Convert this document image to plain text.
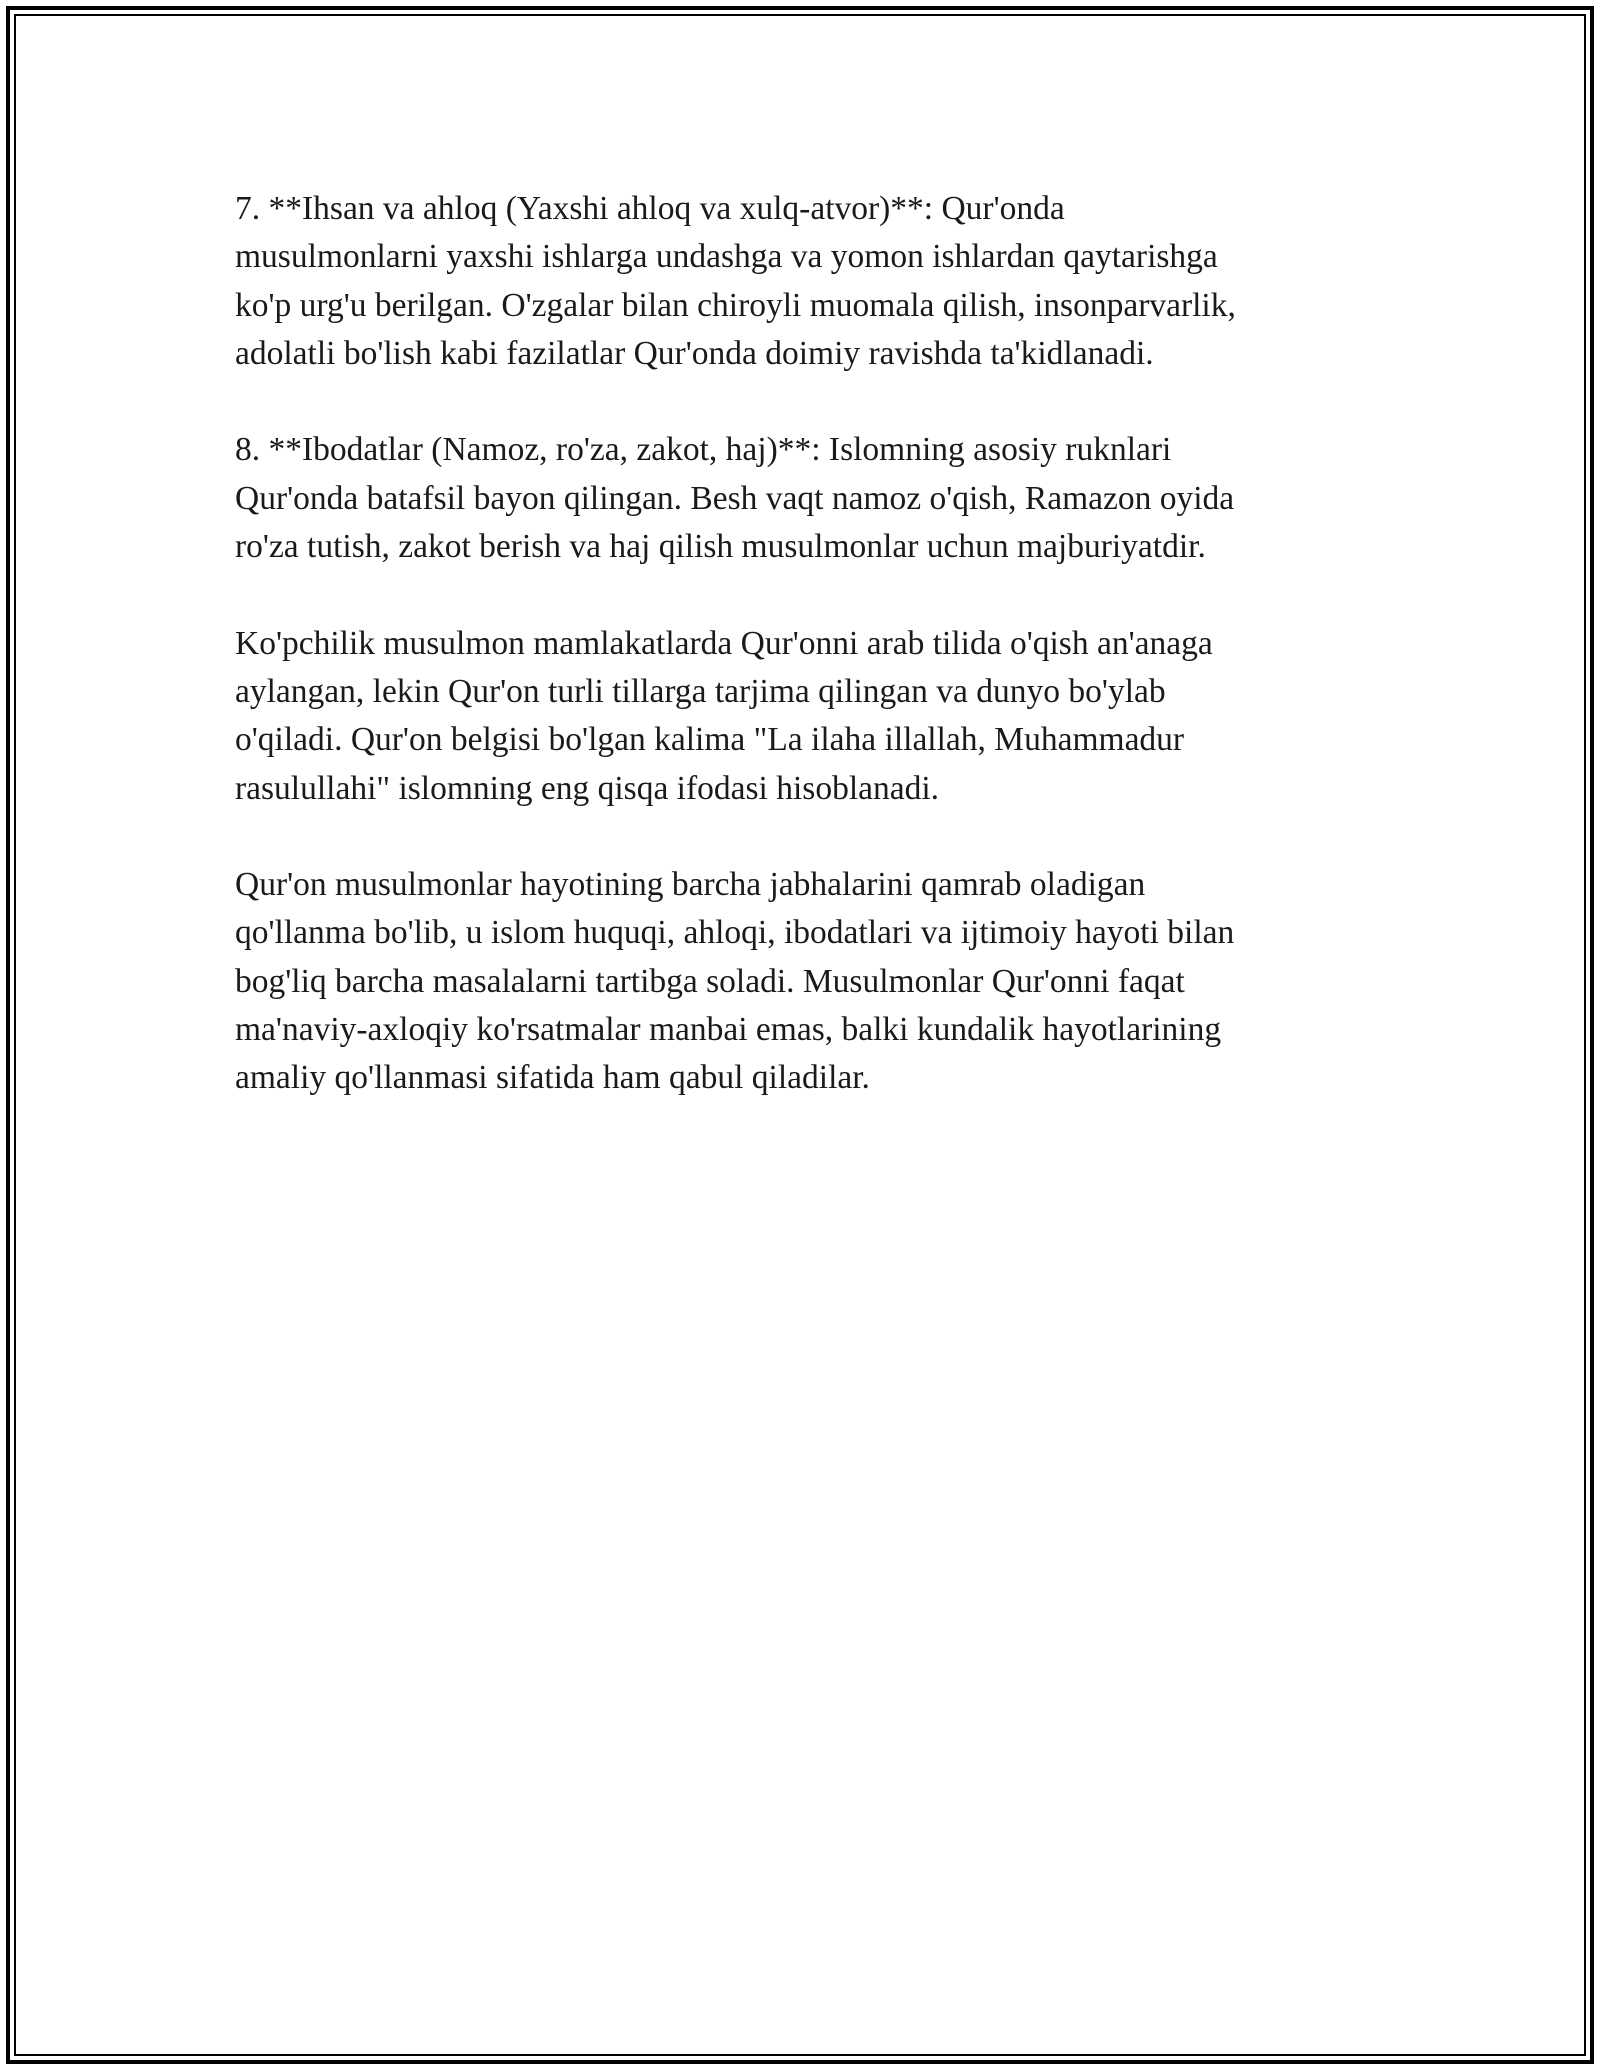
7. **Ihsan va ahloq (Yaxshi ahloq va xulq-atvor)**: Qur'onda
musulmonlarni yaxshi ishlarga undashga va yomon ishlardan qaytarishga
ko'p urg'u berilgan. O'zgalar bilan chiroyli muomala qilish, insonparvarlik,
adolatli bo'lish kabi fazilatlar Qur'onda doimiy ravishda ta'kidlanadi.

8. **Ibodatlar (Namoz, ro'za, zakot, haj)**: Islomning asosiy ruknlari
Qur'onda batafsil bayon qilingan. Besh vaqt namoz o'qish, Ramazon oyida
ro'za tutish, zakot berish va haj qilish musulmonlar uchun majburiyatdir.

Ko'pchilik musulmon mamlakatlarda Qur'onni arab tilida o'qish an'anaga
aylangan, lekin Qur'on turli tillarga tarjima qilingan va dunyo bo'ylab
o'qiladi. Qur'on belgisi bo'lgan kalima "La ilaha illallah, Muhammadur
rasulullahi" islomning eng qisqa ifodasi hisoblanadi.

Qur'on musulmonlar hayotining barcha jabhalarini qamrab oladigan
qo'llanma bo'lib, u islom huquqi, ahloqi, ibodatlari va ijtimoiy hayoti bilan
bog'liq barcha masalalarni tartibga soladi. Musulmonlar Qur'onni faqat
ma'naviy-axloqiy ko'rsatmalar manbai emas, balki kundalik hayotlarining
amaliy qo'llanmasi sifatida ham qabul qiladilar.
